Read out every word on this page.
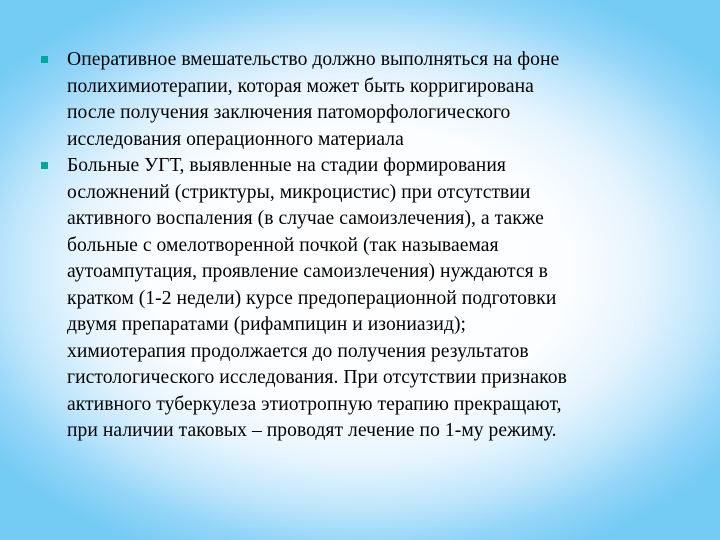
Оперативное вмешательство должно выполняться на фоне
полихимиотерапии, которая может быть корригирована
после получения заключения патоморфологического
исследования операционного материала
Больные УГТ, выявленные на стадии формирования
осложнений (стриктуры, микроцистис) при отсутствии
активного воспаления (в случае самоизлечения), а также
больные с омелотворенной почкой (так называемая
аутоампутация, проявление самоизлечения) нуждаются в
кратком (1-2 недели) курсе предоперационной подготовки
двумя препаратами (рифампицин и изониазид);
химиотерапия продолжается до получения результатов
гистологического исследования. При отсутствии признаков
активного туберкулеза этиотропную терапию прекращают,
при наличии таковых – проводят лечение по 1-му режиму.
